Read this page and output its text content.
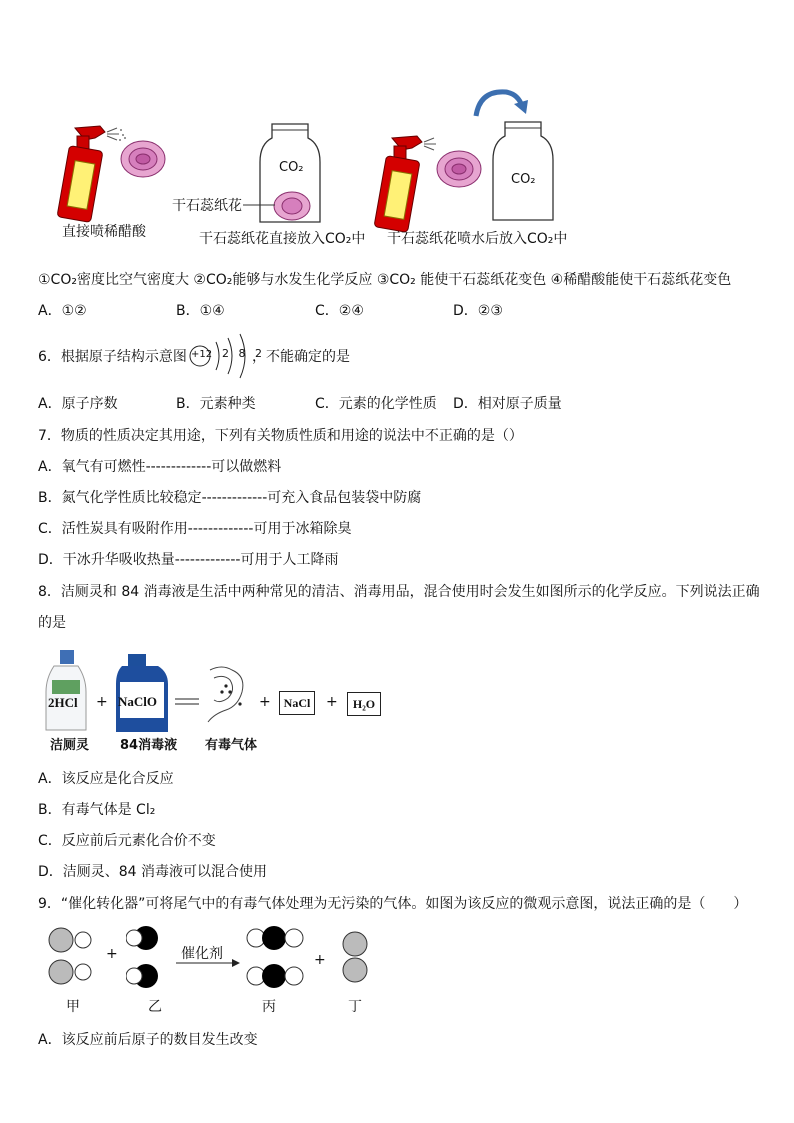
直接喷稀醋酸
CO₂
干石蕊纸花
干石蕊纸花直接放入CO₂中
CO₂
干石蕊纸花喷水后放入CO₂中
①CO₂密度比空气密度大 ②CO₂能够与水发生化学反应 ③CO₂ 能使干石蕊纸花变色 ④稀醋酸能使干石蕊纸花变色
A．①②	B．①④	C．②④	D．②③
6．根据原子结构示意图 +12 2 8 2
，不能确定的是
A．原子序数	B．元素种类	C．元素的化学性质 D．相对原子质量
7．物质的性质决定其用途，下列有关物质性质和用途的说法中不正确的是（）
A．氧气有可燃性-------------可以做燃料
B．氮气化学性质比较稳定-------------可充入食品包装袋中防腐
C．活性炭具有吸附作用-------------可用于冰箱除臭
D．干冰升华吸收热量-------------可用于人工降雨
8．洁厕灵和 84 消毒液是生活中两种常见的清洁、消毒用品，混合使用时会发生如图所示的化学反应。下列说法正确
的是
2HCl + NaClO	+	NaCl	+	H₂O
洁厕灵 84消毒液 有毒气体
A．该反应是化合反应
B．有毒气体是 Cl₂
C．反应前后元素化合价不变
D．洁厕灵、84 消毒液可以混合使用
9．“催化转化器”可将尾气中的有毒气体处理为无污染的气体。如图为该反应的微观示意图，说法正确的是（　　）
+	催化剂	+
甲	乙	丙	丁
A．该反应前后原子的数目发生改变
